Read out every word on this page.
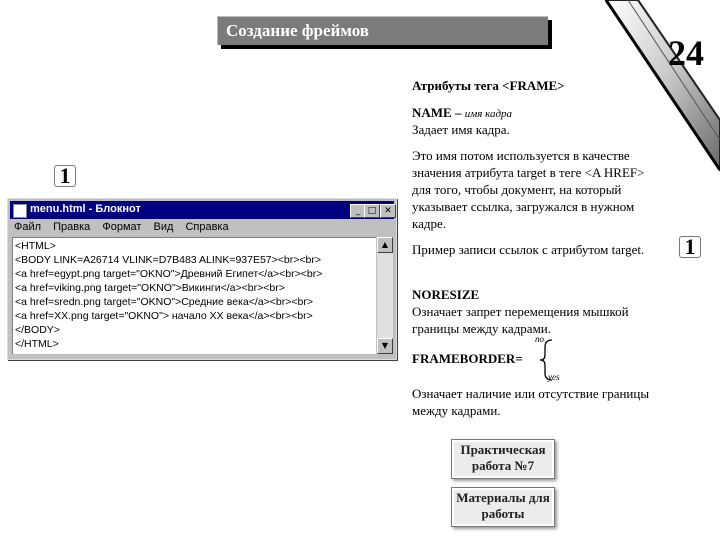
Создание фреймов
24
Атрибуты тега <FRAME>
NAME – имя кадра
Задает имя кадра.
Это имя потом используется в качестве
значения атрибута target в теге <A HREF>
для того, чтобы документ, на который
указывает ссылка, загружался в нужном
кадре.
Пример записи ссылок с атрибутом target.
1
1
menu.html - Блокнот	_ □ ✕
Файл Правка Формат Вид Справка
<HTML>
<BODY LINK=A26714 VLINK=D7B483 ALINK=937E57><br><br>
<a href=egypt.png target="OKNO">Древний Египет</a><br><br>
<a href=viking.png target="OKNO">Викинги</a><br><br>
<a href=sredn.png target="OKNO">Средние века</a><br><br>
<a href=XX.png target="OKNO"> начало XX века</a><br><br>
</BODY>
</HTML>
▲
▼
NORESIZE
Означает запрет перемещения мышкой
границы между кадрами.
FRAMEBORDER=
no
yes
Означает наличие или отсутствие границы
между кадрами.
Практическая
работа №7
Материалы для
работы
